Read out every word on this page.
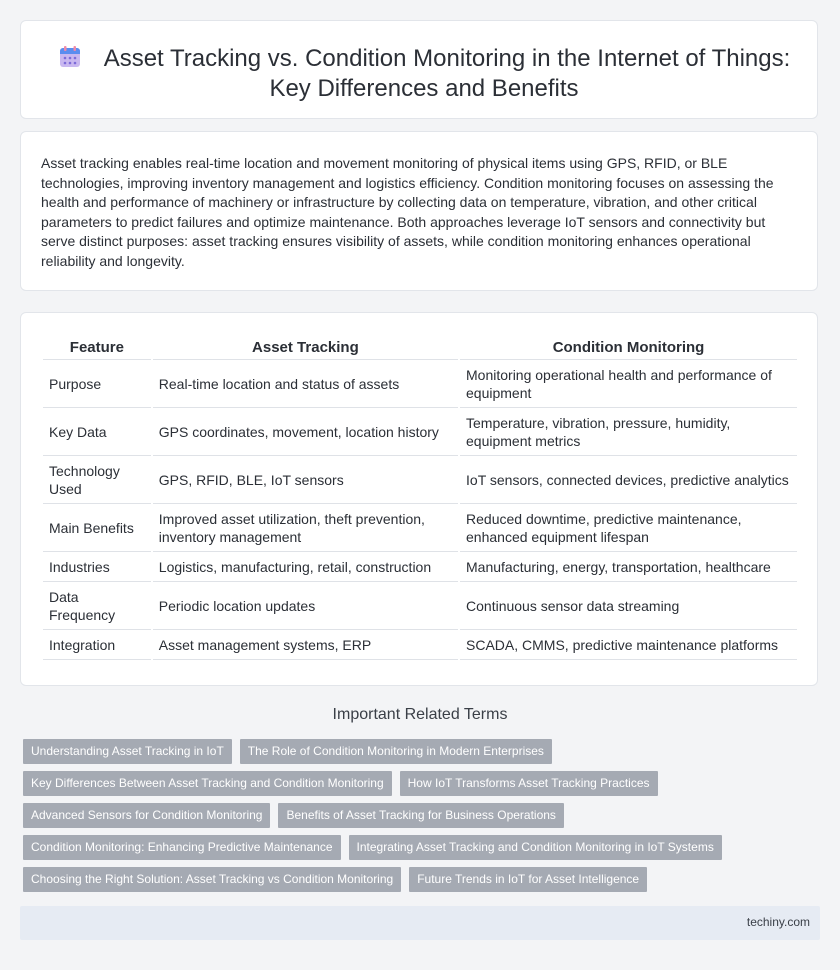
Asset Tracking vs. Condition Monitoring in the Internet of Things: Key Differences and Benefits

Asset tracking enables real-time location and movement monitoring of physical items using GPS, RFID, or BLE technologies, improving inventory management and logistics efficiency. Condition monitoring focuses on assessing the health and performance of machinery or infrastructure by collecting data on temperature, vibration, and other critical parameters to predict failures and optimize maintenance. Both approaches leverage IoT sensors and connectivity but serve distinct purposes: asset tracking ensures visibility of assets, while condition monitoring enhances operational reliability and longevity.

Feature	Asset Tracking	Condition Monitoring
Purpose	Real-time location and status of assets	Monitoring operational health and performance of equipment
Key Data	GPS coordinates, movement, location history	Temperature, vibration, pressure, humidity, equipment metrics
Technology Used	GPS, RFID, BLE, IoT sensors	IoT sensors, connected devices, predictive analytics
Main Benefits	Improved asset utilization, theft prevention, inventory management	Reduced downtime, predictive maintenance, enhanced equipment lifespan
Industries	Logistics, manufacturing, retail, construction	Manufacturing, energy, transportation, healthcare
Data Frequency	Periodic location updates	Continuous sensor data streaming
Integration	Asset management systems, ERP	SCADA, CMMS, predictive maintenance platforms
Important Related Terms
Understanding Asset Tracking in IoT	The Role of Condition Monitoring in Modern Enterprises
Key Differences Between Asset Tracking and Condition Monitoring	How IoT Transforms Asset Tracking Practices
Advanced Sensors for Condition Monitoring	Benefits of Asset Tracking for Business Operations
Condition Monitoring: Enhancing Predictive Maintenance	Integrating Asset Tracking and Condition Monitoring in IoT Systems
Choosing the Right Solution: Asset Tracking vs Condition Monitoring	Future Trends in IoT for Asset Intelligence
techiny.com
